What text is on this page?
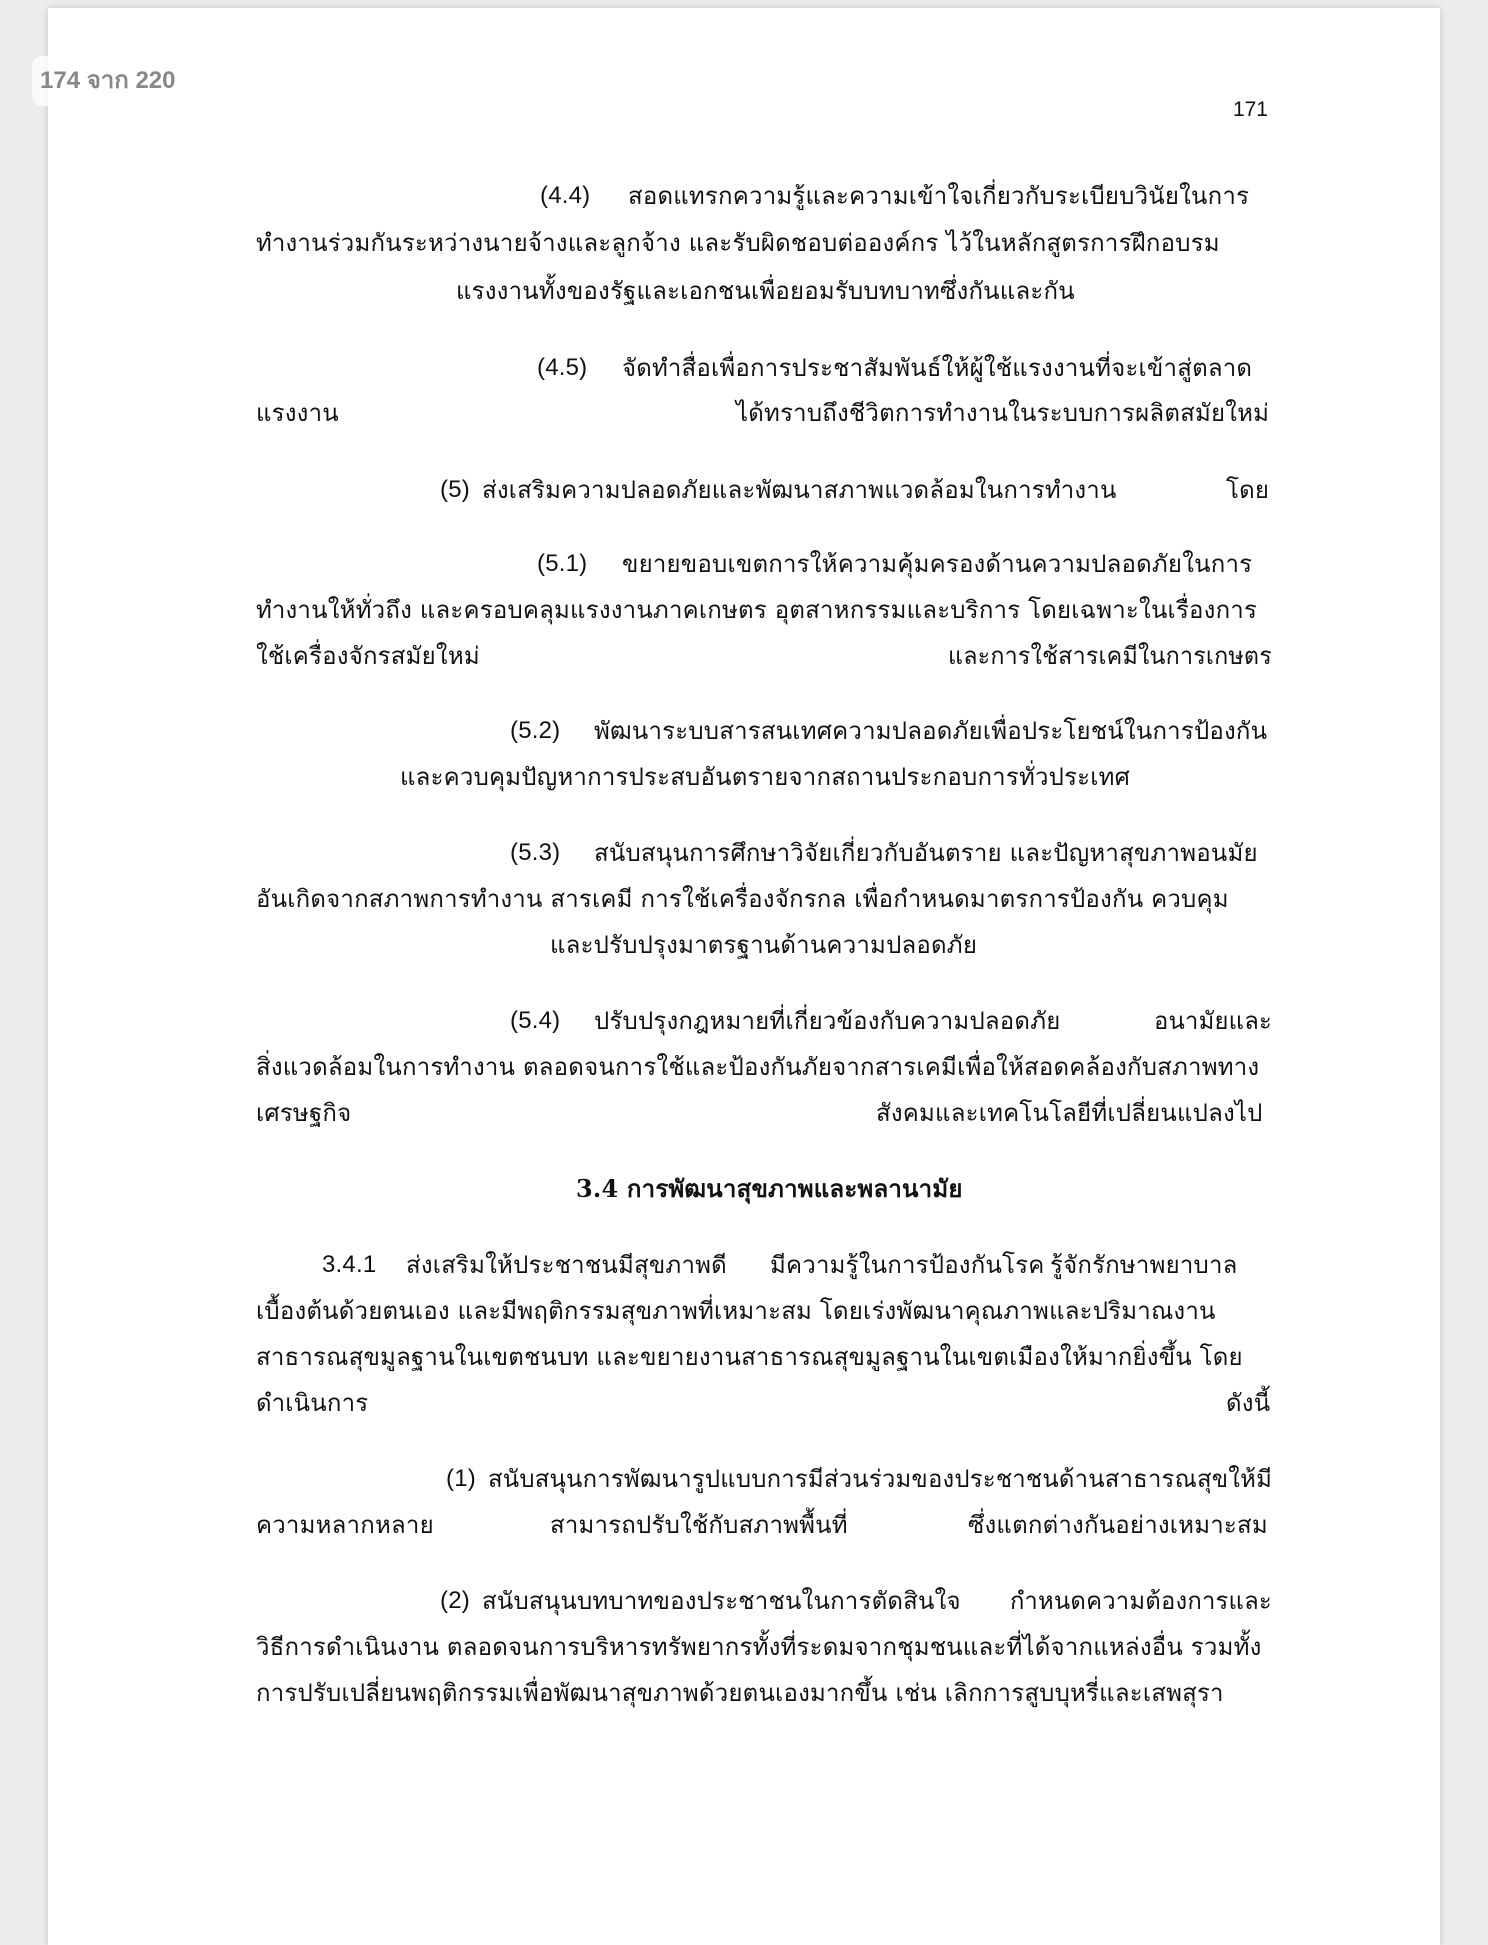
174 จาก 220
171
(4.4) สอดแทรกความรู้และความเข้าใจเกี่ยวกับระเบียบวินัยในการ
ทำงานร่วมกันระหว่างนายจ้างและลูกจ้าง และรับผิดชอบต่อองค์กร ไว้ในหลักสูตรการฝึกอบรม
แรงงานทั้งของรัฐและเอกชนเพื่อยอมรับบทบาทซึ่งกันและกัน
(4.5) จัดทำสื่อเพื่อการประชาสัมพันธ์ให้ผู้ใช้แรงงานที่จะเข้าสู่ตลาด
แรงงาน	ได้ทราบถึงชีวิตการทำงานในระบบการผลิตสมัยใหม่
(5) ส่งเสริมความปลอดภัยและพัฒนาสภาพแวดล้อมในการทำงาน	โดย
(5.1) ขยายขอบเขตการให้ความคุ้มครองด้านความปลอดภัยในการ
ทำงานให้ทั่วถึง และครอบคลุมแรงงานภาคเกษตร อุตสาหกรรมและบริการ โดยเฉพาะในเรื่องการ
ใช้เครื่องจักรสมัยใหม่	และการใช้สารเคมีในการเกษตร
(5.2) พัฒนาระบบสารสนเทศความปลอดภัยเพื่อประโยชน์ในการป้องกัน
และควบคุมปัญหาการประสบอันตรายจากสถานประกอบการทั่วประเทศ
(5.3) สนับสนุนการศึกษาวิจัยเกี่ยวกับอันตราย และปัญหาสุขภาพอนมัย
อันเกิดจากสภาพการทำงาน สารเคมี การใช้เครื่องจักรกล เพื่อกำหนดมาตรการป้องกัน ควบคุม
และปรับปรุงมาตรฐานด้านความปลอดภัย
(5.4) ปรับปรุงกฎหมายที่เกี่ยวข้องกับความปลอดภัย	อนามัยและ
สิ่งแวดล้อมในการทำงาน ตลอดจนการใช้และป้องกันภัยจากสารเคมีเพื่อให้สอดคล้องกับสภาพทาง
เศรษฐกิจ	สังคมและเทคโนโลยีที่เปลี่ยนแปลงไป
3.4 การพัฒนาสุขภาพและพลานามัย
3.4.1 ส่งเสริมให้ประชาชนมีสุขภาพดี มีความรู้ในการป้องกันโรค รู้จักรักษาพยาบาล
เบื้องต้นด้วยตนเอง และมีพฤติกรรมสุขภาพที่เหมาะสม โดยเร่งพัฒนาคุณภาพและปริมาณงาน
สาธารณสุขมูลฐานในเขตชนบท และขยายงานสาธารณสุขมูลฐานในเขตเมืองให้มากยิ่งขึ้น โดย
ดำเนินการ	ดังนี้
(1) สนับสนุนการพัฒนารูปแบบการมีส่วนร่วมของประชาชนด้านสาธารณสุขให้มี
ความหลากหลาย	สามารถปรับใช้กับสภาพพื้นที่	ซึ่งแตกต่างกันอย่างเหมาะสม
(2) สนับสนุนบทบาทของประชาชนในการตัดสินใจ กำหนดความต้องการและ
วิธีการดำเนินงาน ตลอดจนการบริหารทรัพยากรทั้งที่ระดมจากชุมชนและที่ได้จากแหล่งอื่น รวมทั้ง
การปรับเปลี่ยนพฤติกรรมเพื่อพัฒนาสุขภาพด้วยตนเองมากขึ้น เช่น เลิกการสูบบุหรี่และเสพสุรา
